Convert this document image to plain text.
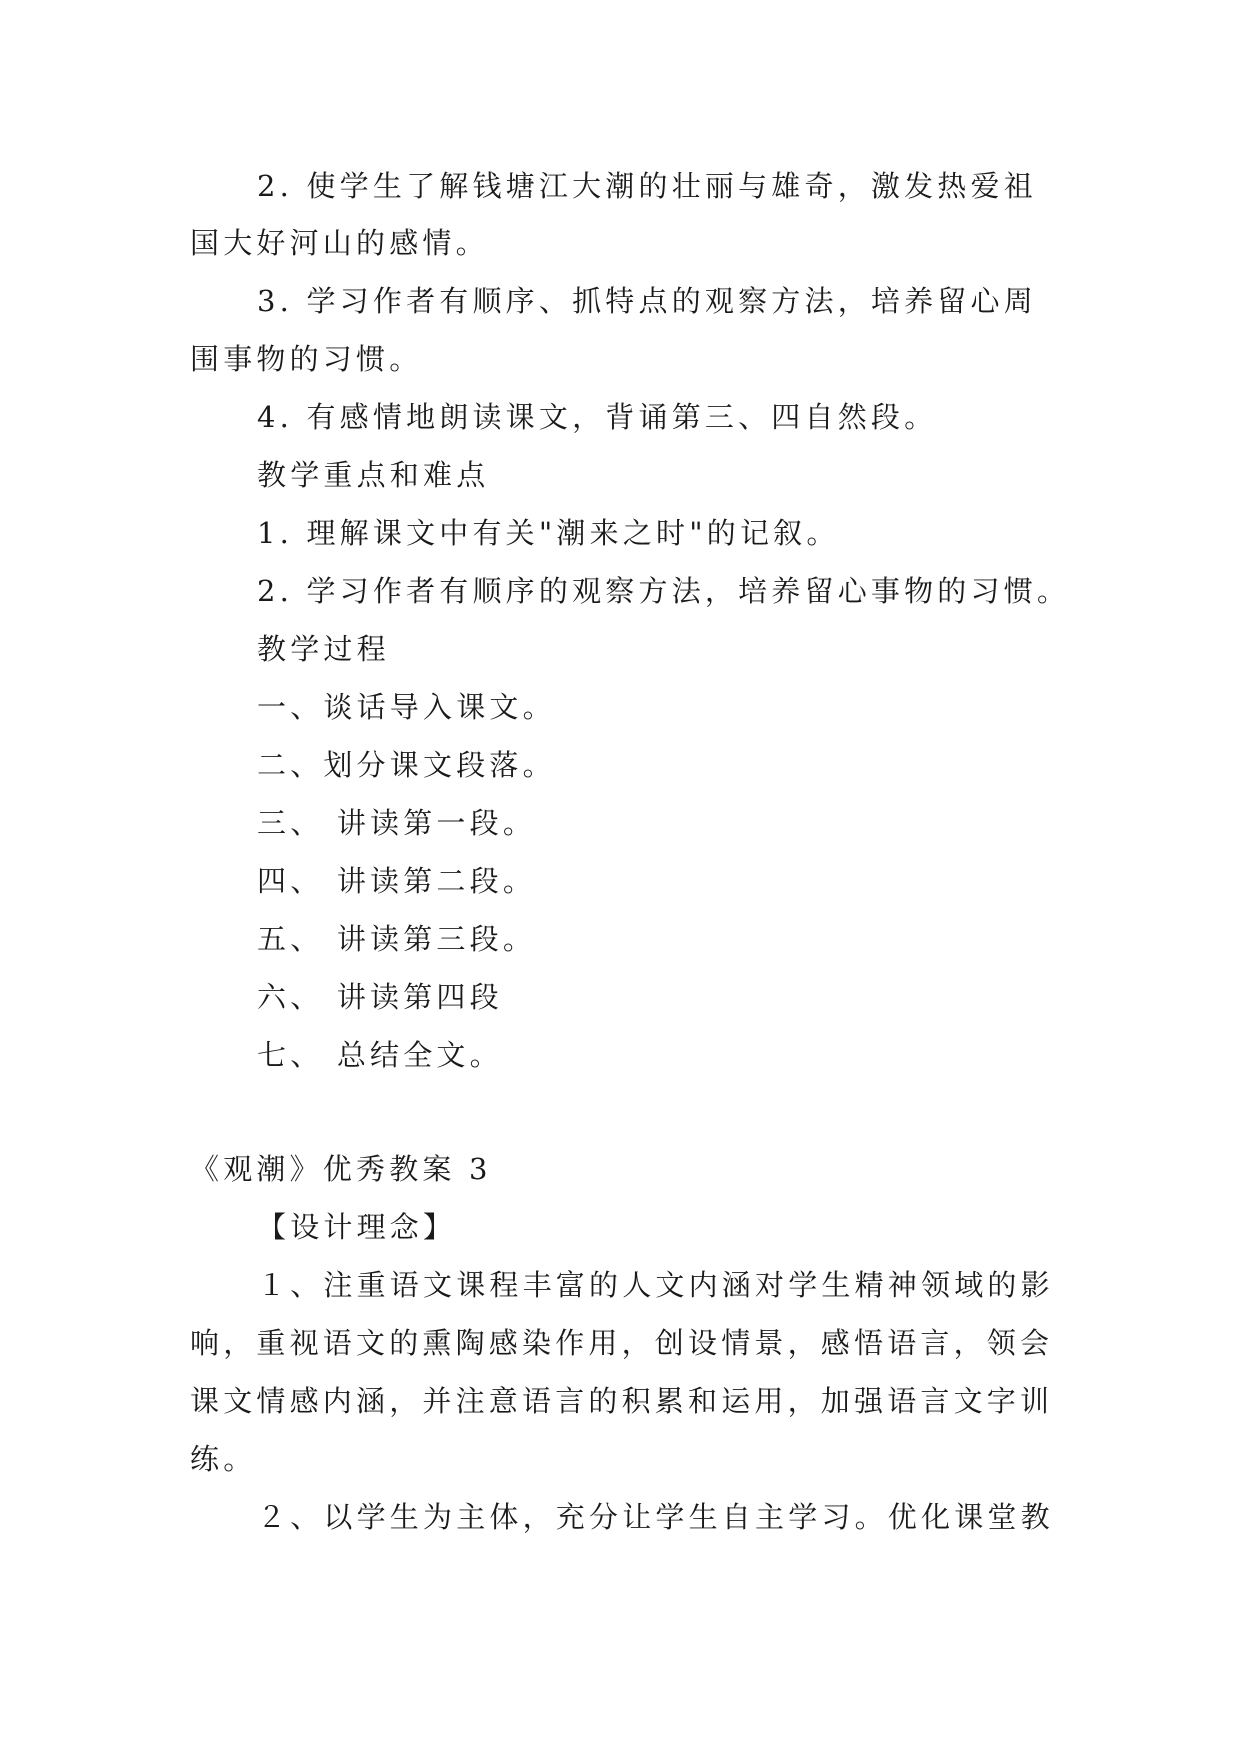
2. 使学生了解钱塘江大潮的壮丽与雄奇，激发热爱祖
国大好河山的感情。
3. 学习作者有顺序、抓特点的观察方法，培养留心周
围事物的习惯。
4. 有感情地朗读课文，背诵第三、四自然段。
教学重点和难点
1. 理解课文中有关"潮来之时"的记叙。
2. 学习作者有顺序的观察方法，培养留心事物的习惯。
教学过程
一、谈话导入课文。
二、划分课文段落。
三、 讲读第一段。
四、 讲读第二段。
五、 讲读第三段。
六、 讲读第四段
七、 总结全文。
《观潮》优秀教案 3
【设计理念】
１、注重语文课程丰富的人文内涵对学生精神领域的影
响，重视语文的熏陶感染作用，创设情景，感悟语言，领会
课文情感内涵，并注意语言的积累和运用，加强语言文字训
练。
２、以学生为主体，充分让学生自主学习。优化课堂教
